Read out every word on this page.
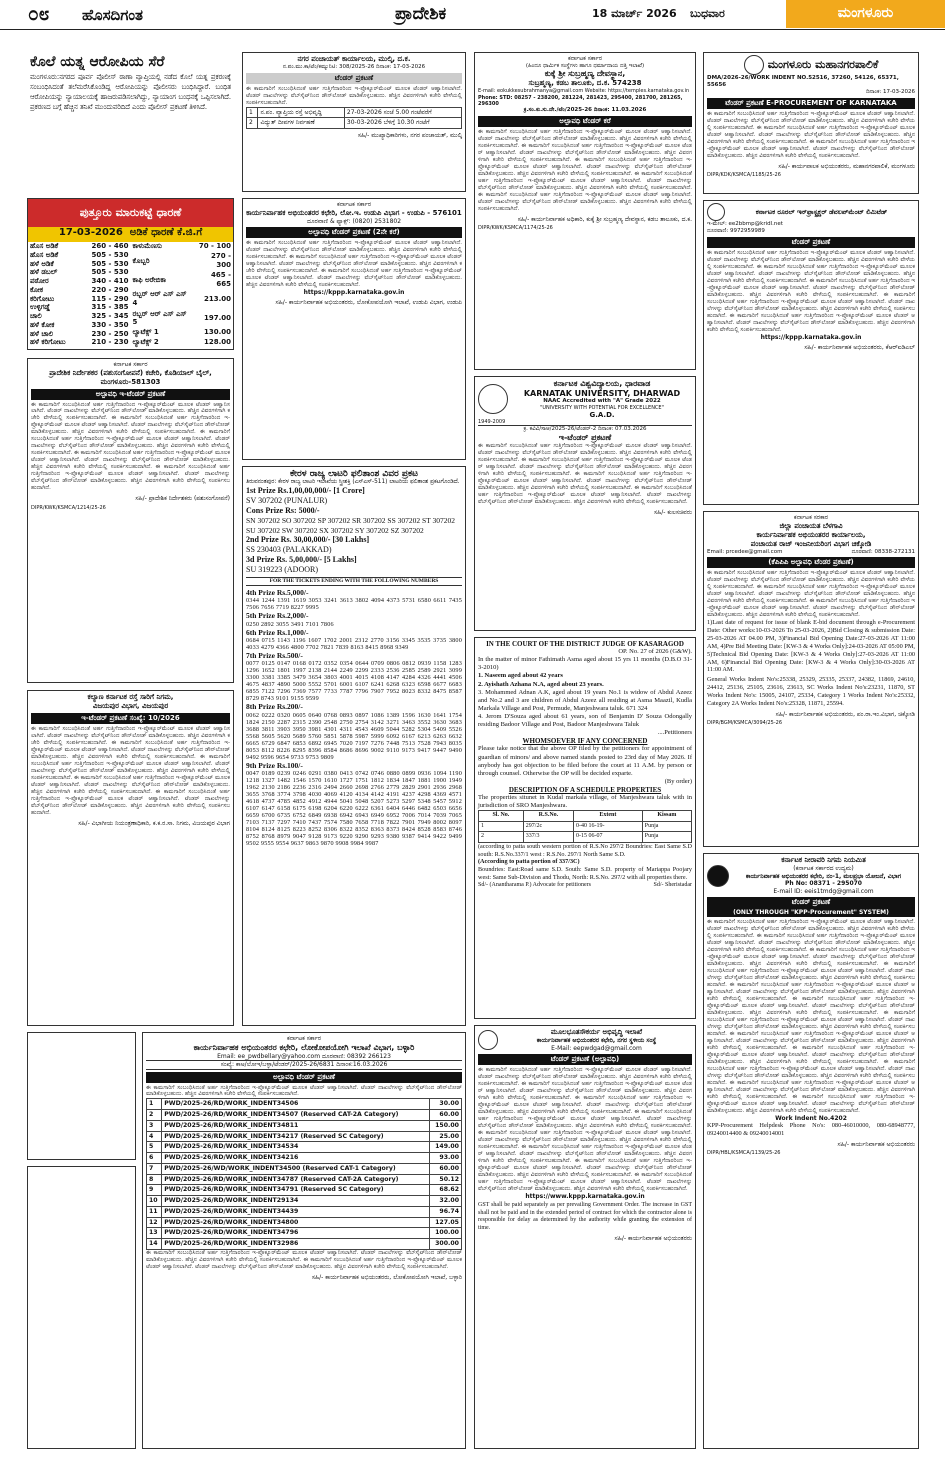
೦೮ ಹೊಸದಿಗಂತ	ಪ್ರಾದೇಶಿಕ	18 ಮಾರ್ಚ್ 2026 ಬುಧವಾರ	ಮಂಗಳೂರು
ಕೊಲೆ ಯತ್ನ ಆರೋಪಿಯ ಸೆರೆ
ಮಂಗಳೂರು:ನಗರದ ಪೂರ್ವ ಪೊಲೀಸ್ ಠಾಣಾ ವ್ಯಾಪ್ತಿಯಲ್ಲಿ ನಡೆದ ಕೊಲೆ ಯತ್ನ ಪ್ರಕರಣಕ್ಕೆ ಸಂಬಂಧಿಸಿದಂತೆ ತಲೆಮರೆಸಿಕೊಂಡಿದ್ದ ಆರೋಪಿಯನ್ನು ಪೊಲೀಸರು ಬಂಧಿಸಿದ್ದಾರೆ. ಬಂಧಿತ ಆರೋಪಿಯನ್ನು ನ್ಯಾಯಾಲಯಕ್ಕೆ ಹಾಜರುಪಡಿಸಲಾಗಿದ್ದು, ನ್ಯಾಯಾಂಗ ಬಂಧನಕ್ಕೆ ಒಪ್ಪಿಸಲಾಗಿದೆ. ಪ್ರಕರಣದ ಬಗ್ಗೆ ಹೆಚ್ಚಿನ ತನಿಖೆ ಮುಂದುವರಿದಿದೆ ಎಂದು ಪೊಲೀಸ್ ಪ್ರಕಟಣೆ ತಿಳಿಸಿದೆ.
ಪುತ್ತೂರು ಮಾರುಕಟ್ಟೆ ಧಾರಣೆ
17-03-2026 ಅಡಿಕೆ ಧಾರಣೆ ಕೆ.ಜಿ.ಗೆ
ಹೊಸ ಅಡಿಕೆ	260 - 460
ಹೊಸ ಅಡಿಕೆ	505 - 530
ಹಳೆ ಅಡಿಕೆ	505 - 530
ಹಳೆ ಡಬಲ್	505 - 530
ಪಠೋರ	340 - 410
ಕೋಕ	220 - 290
ಕರಿಗೋಟು	115 - 290
ಉಳ್ಳಿಗಡ್ಡೆ	315 - 385
ಚಾಲಿ	325 - 345
ಹಳೆ ಕೋಕ	330 - 350
ಹಳೆ ಚಾಲಿ	230 - 250
ಹಳೆ ಕರಿಗೋಟು	210 - 230
ಕಾಳುಮೆಣಸು	70 - 100
ಕೊಬ್ಬರಿ	270 - 300
ಕಾಫಿ ಅರೇಬಿಕಾ	465 - 665
ರಬ್ಬರ್ ಆರ್ ಎಸ್ ಎಸ್ 4	213.00
ರಬ್ಬರ್ ಆರ್ ಎಸ್ ಎಸ್ 5	197.00
ಲ್ಯಾಟೆಕ್ಸ್ 1	130.00
ಲ್ಯಾಟೆಕ್ಸ್ 2	128.00
ಕರ್ನಾಟಕ ಸರ್ಕಾರ
ಪ್ರಾದೇಶಿಕ ನಿರ್ದೇಶಕರ (ಪಶುಸಂಗೋಪನೆ) ಕಚೇರಿ, ಕೊಡಿಯಾಲ್ ಬೈಲ್, ಮಂಗಳೂರು-581303
ಅಲ್ಪಾವಧಿ ಇ-ಟೆಂಡರ್ ಪ್ರಕಟಣೆ
ಈ ಕಾಮಗಾರಿಗೆ ಸಂಬಂಧಿಸಿದಂತೆ ಅರ್ಹ ಗುತ್ತಿಗೆದಾರರಿಂದ ಇ-ಪ್ರೊಕ್ಯೂರ್‌ಮೆಂಟ್ ಮೂಲಕ ಟೆಂಡರ್ ಆಹ್ವಾನಿಸಲಾಗಿದೆ. ಟೆಂಡರ್ ದಾಖಲೆಗಳನ್ನು ವೆಬ್‌ಸೈಟ್‌ನಿಂದ ಡೌನ್‌ಲೋಡ್ ಮಾಡಿಕೊಳ್ಳಬಹುದು. ಹೆಚ್ಚಿನ ವಿವರಗಳಿಗಾಗಿ ಕಚೇರಿ ವೇಳೆಯಲ್ಲಿ ಸಂಪರ್ಕಿಸಬಹುದಾಗಿದೆ. ಈ ಕಾಮಗಾರಿಗೆ ಸಂಬಂಧಿಸಿದಂತೆ ಅರ್ಹ ಗುತ್ತಿಗೆದಾರರಿಂದ ಇ-ಪ್ರೊಕ್ಯೂರ್‌ಮೆಂಟ್ ಮೂಲಕ ಟೆಂಡರ್ ಆಹ್ವಾನಿಸಲಾಗಿದೆ. ಟೆಂಡರ್ ದಾಖಲೆಗಳನ್ನು ವೆಬ್‌ಸೈಟ್‌ನಿಂದ ಡೌನ್‌ಲೋಡ್ ಮಾಡಿಕೊಳ್ಳಬಹುದು. ಹೆಚ್ಚಿನ ವಿವರಗಳಿಗಾಗಿ ಕಚೇರಿ ವೇಳೆಯಲ್ಲಿ ಸಂಪರ್ಕಿಸಬಹುದಾಗಿದೆ. ಈ ಕಾಮಗಾರಿಗೆ ಸಂಬಂಧಿಸಿದಂತೆ ಅರ್ಹ ಗುತ್ತಿಗೆದಾರರಿಂದ ಇ-ಪ್ರೊಕ್ಯೂರ್‌ಮೆಂಟ್ ಮೂಲಕ ಟೆಂಡರ್ ಆಹ್ವಾನಿಸಲಾಗಿದೆ. ಟೆಂಡರ್ ದಾಖಲೆಗಳನ್ನು ವೆಬ್‌ಸೈಟ್‌ನಿಂದ ಡೌನ್‌ಲೋಡ್ ಮಾಡಿಕೊಳ್ಳಬಹುದು. ಹೆಚ್ಚಿನ ವಿವರಗಳಿಗಾಗಿ ಕಚೇರಿ ವೇಳೆಯಲ್ಲಿ ಸಂಪರ್ಕಿಸಬಹುದಾಗಿದೆ. ಈ ಕಾಮಗಾರಿಗೆ ಸಂಬಂಧಿಸಿದಂತೆ ಅರ್ಹ ಗುತ್ತಿಗೆದಾರರಿಂದ ಇ-ಪ್ರೊಕ್ಯೂರ್‌ಮೆಂಟ್ ಮೂಲಕ ಟೆಂಡರ್ ಆಹ್ವಾನಿಸಲಾಗಿದೆ. ಟೆಂಡರ್ ದಾಖಲೆಗಳನ್ನು ವೆಬ್‌ಸೈಟ್‌ನಿಂದ ಡೌನ್‌ಲೋಡ್ ಮಾಡಿಕೊಳ್ಳಬಹುದು. ಹೆಚ್ಚಿನ ವಿವರಗಳಿಗಾಗಿ ಕಚೇರಿ ವೇಳೆಯಲ್ಲಿ ಸಂಪರ್ಕಿಸಬಹುದಾಗಿದೆ. ಈ ಕಾಮಗಾರಿಗೆ ಸಂಬಂಧಿಸಿದಂತೆ ಅರ್ಹ ಗುತ್ತಿಗೆದಾರರಿಂದ ಇ-ಪ್ರೊಕ್ಯೂರ್‌ಮೆಂಟ್ ಮೂಲಕ ಟೆಂಡರ್ ಆಹ್ವಾನಿಸಲಾಗಿದೆ. ಟೆಂಡರ್ ದಾಖಲೆಗಳನ್ನು ವೆಬ್‌ಸೈಟ್‌ನಿಂದ ಡೌನ್‌ಲೋಡ್ ಮಾಡಿಕೊಳ್ಳಬಹುದು. ಹೆಚ್ಚಿನ ವಿವರಗಳಿಗಾಗಿ ಕಚೇರಿ ವೇಳೆಯಲ್ಲಿ ಸಂಪರ್ಕಿಸಬಹುದಾಗಿದೆ.
ಸಹಿ/- ಪ್ರಾದೇಶಿಕ ನಿರ್ದೇಶಕರು (ಪಶುಸಂಗೋಪನೆ)
DIPR/KWK/KSMCA/1214/25-26
ಕಲ್ಯಾಣ ಕರ್ನಾಟಕ ರಸ್ತೆ ಸಾರಿಗೆ ನಿಗಮ,
ವಿಜಯಪುರ ವಿಭಾಗ, ವಿಜಯಪುರ
ಇ-ಟೆಂಡರ್ ಪ್ರಕಟಣೆ ಸಂಖ್ಯೆ: 10/2026
ಈ ಕಾಮಗಾರಿಗೆ ಸಂಬಂಧಿಸಿದಂತೆ ಅರ್ಹ ಗುತ್ತಿಗೆದಾರರಿಂದ ಇ-ಪ್ರೊಕ್ಯೂರ್‌ಮೆಂಟ್ ಮೂಲಕ ಟೆಂಡರ್ ಆಹ್ವಾನಿಸಲಾಗಿದೆ. ಟೆಂಡರ್ ದಾಖಲೆಗಳನ್ನು ವೆಬ್‌ಸೈಟ್‌ನಿಂದ ಡೌನ್‌ಲೋಡ್ ಮಾಡಿಕೊಳ್ಳಬಹುದು. ಹೆಚ್ಚಿನ ವಿವರಗಳಿಗಾಗಿ ಕಚೇರಿ ವೇಳೆಯಲ್ಲಿ ಸಂಪರ್ಕಿಸಬಹುದಾಗಿದೆ. ಈ ಕಾಮಗಾರಿಗೆ ಸಂಬಂಧಿಸಿದಂತೆ ಅರ್ಹ ಗುತ್ತಿಗೆದಾರರಿಂದ ಇ-ಪ್ರೊಕ್ಯೂರ್‌ಮೆಂಟ್ ಮೂಲಕ ಟೆಂಡರ್ ಆಹ್ವಾನಿಸಲಾಗಿದೆ. ಟೆಂಡರ್ ದಾಖಲೆಗಳನ್ನು ವೆಬ್‌ಸೈಟ್‌ನಿಂದ ಡೌನ್‌ಲೋಡ್ ಮಾಡಿಕೊಳ್ಳಬಹುದು. ಹೆಚ್ಚಿನ ವಿವರಗಳಿಗಾಗಿ ಕಚೇರಿ ವೇಳೆಯಲ್ಲಿ ಸಂಪರ್ಕಿಸಬಹುದಾಗಿದೆ. ಈ ಕಾಮಗಾರಿಗೆ ಸಂಬಂಧಿಸಿದಂತೆ ಅರ್ಹ ಗುತ್ತಿಗೆದಾರರಿಂದ ಇ-ಪ್ರೊಕ್ಯೂರ್‌ಮೆಂಟ್ ಮೂಲಕ ಟೆಂಡರ್ ಆಹ್ವಾನಿಸಲಾಗಿದೆ. ಟೆಂಡರ್ ದಾಖಲೆಗಳನ್ನು ವೆಬ್‌ಸೈಟ್‌ನಿಂದ ಡೌನ್‌ಲೋಡ್ ಮಾಡಿಕೊಳ್ಳಬಹುದು. ಹೆಚ್ಚಿನ ವಿವರಗಳಿಗಾಗಿ ಕಚೇರಿ ವೇಳೆಯಲ್ಲಿ ಸಂಪರ್ಕಿಸಬಹುದಾಗಿದೆ. ಈ ಕಾಮಗಾರಿಗೆ ಸಂಬಂಧಿಸಿದಂತೆ ಅರ್ಹ ಗುತ್ತಿಗೆದಾರರಿಂದ ಇ-ಪ್ರೊಕ್ಯೂರ್‌ಮೆಂಟ್ ಮೂಲಕ ಟೆಂಡರ್ ಆಹ್ವಾನಿಸಲಾಗಿದೆ. ಟೆಂಡರ್ ದಾಖಲೆಗಳನ್ನು ವೆಬ್‌ಸೈಟ್‌ನಿಂದ ಡೌನ್‌ಲೋಡ್ ಮಾಡಿಕೊಳ್ಳಬಹುದು. ಹೆಚ್ಚಿನ ವಿವರಗಳಿಗಾಗಿ ಕಚೇರಿ ವೇಳೆಯಲ್ಲಿ ಸಂಪರ್ಕಿಸಬಹುದಾಗಿದೆ. ಈ ಕಾಮಗಾರಿಗೆ ಸಂಬಂಧಿಸಿದಂತೆ ಅರ್ಹ ಗುತ್ತಿಗೆದಾರರಿಂದ ಇ-ಪ್ರೊಕ್ಯೂರ್‌ಮೆಂಟ್ ಮೂಲಕ ಟೆಂಡರ್ ಆಹ್ವಾನಿಸಲಾಗಿದೆ. ಟೆಂಡರ್ ದಾಖಲೆಗಳನ್ನು ವೆಬ್‌ಸೈಟ್‌ನಿಂದ ಡೌನ್‌ಲೋಡ್ ಮಾಡಿಕೊಳ್ಳಬಹುದು. ಹೆಚ್ಚಿನ ವಿವರಗಳಿಗಾಗಿ ಕಚೇರಿ ವೇಳೆಯಲ್ಲಿ ಸಂಪರ್ಕಿಸಬಹುದಾಗಿದೆ.
ಸಹಿ/- ವಿಭಾಗೀಯ ನಿಯಂತ್ರಣಾಧಿಕಾರಿ, ಕ.ಕ.ರ.ಸಾ. ನಿಗಮ, ವಿಜಯಪುರ ವಿಭಾಗ
ನಗರ ಪಂಚಾಯತ್ ಕಾರ್ಯಾಲಯ, ಮುಲ್ಕಿ, ದ.ಕ.
ನ.ಪಂ.ಮು.ಕಾ/ಟೆಂ/ಕಮ್ಯುನಿಟಿ: 308/2025-26 ದಿನಾಂಕ: 17-03-2026
ಟೆಂಡರ್ ಪ್ರಕಟಣೆ
ಈ ಕಾಮಗಾರಿಗೆ ಸಂಬಂಧಿಸಿದಂತೆ ಅರ್ಹ ಗುತ್ತಿಗೆದಾರರಿಂದ ಇ-ಪ್ರೊಕ್ಯೂರ್‌ಮೆಂಟ್ ಮೂಲಕ ಟೆಂಡರ್ ಆಹ್ವಾನಿಸಲಾಗಿದೆ. ಟೆಂಡರ್ ದಾಖಲೆಗಳನ್ನು ವೆಬ್‌ಸೈಟ್‌ನಿಂದ ಡೌನ್‌ಲೋಡ್ ಮಾಡಿಕೊಳ್ಳಬಹುದು. ಹೆಚ್ಚಿನ ವಿವರಗಳಿಗಾಗಿ ಕಚೇರಿ ವೇಳೆಯಲ್ಲಿ ಸಂಪರ್ಕಿಸಬಹುದಾಗಿದೆ.
1	ನ.ಪಂ. ವ್ಯಾಪ್ತಿಯ ರಸ್ತೆ ಅಭಿವೃದ್ಧಿ	27-03-2026 ಸಂಜೆ 5.00 ಗಂಟೆವರೆಗೆ
2	ವಿದ್ಯುತ್ ದೀಪಗಳ ನಿರ್ವಹಣೆ	30-03-2026 ಬೆಳಿಗ್ಗೆ 10.30 ಗಂಟೆಗೆ
ಸಹಿ/- ಮುಖ್ಯಾಧಿಕಾರಿಗಳು, ನಗರ ಪಂಚಾಯತ್, ಮುಲ್ಕಿ
ಕರ್ನಾಟಕ ಸರ್ಕಾರ
ಕಾರ್ಯನಿರ್ವಾಹಕ ಅಭಿಯಂತರರ ಕಛೇರಿ, ಲೋ.ಇ. ಉಡುಪಿ ವಿಭಾಗ - ಉಡುಪಿ - 576101
ದೂರವಾಣಿ & ಫ್ಯಾಕ್ಸ್: (0820) 2531802
ಅಲ್ಪಾವಧಿ ಟೆಂಡರ್ ಪ್ರಕಟಣೆ (2ನೇ ಕರೆ)
ಈ ಕಾಮಗಾರಿಗೆ ಸಂಬಂಧಿಸಿದಂತೆ ಅರ್ಹ ಗುತ್ತಿಗೆದಾರರಿಂದ ಇ-ಪ್ರೊಕ್ಯೂರ್‌ಮೆಂಟ್ ಮೂಲಕ ಟೆಂಡರ್ ಆಹ್ವಾನಿಸಲಾಗಿದೆ. ಟೆಂಡರ್ ದಾಖಲೆಗಳನ್ನು ವೆಬ್‌ಸೈಟ್‌ನಿಂದ ಡೌನ್‌ಲೋಡ್ ಮಾಡಿಕೊಳ್ಳಬಹುದು. ಹೆಚ್ಚಿನ ವಿವರಗಳಿಗಾಗಿ ಕಚೇರಿ ವೇಳೆಯಲ್ಲಿ ಸಂಪರ್ಕಿಸಬಹುದಾಗಿದೆ. ಈ ಕಾಮಗಾರಿಗೆ ಸಂಬಂಧಿಸಿದಂತೆ ಅರ್ಹ ಗುತ್ತಿಗೆದಾರರಿಂದ ಇ-ಪ್ರೊಕ್ಯೂರ್‌ಮೆಂಟ್ ಮೂಲಕ ಟೆಂಡರ್ ಆಹ್ವಾನಿಸಲಾಗಿದೆ. ಟೆಂಡರ್ ದಾಖಲೆಗಳನ್ನು ವೆಬ್‌ಸೈಟ್‌ನಿಂದ ಡೌನ್‌ಲೋಡ್ ಮಾಡಿಕೊಳ್ಳಬಹುದು. ಹೆಚ್ಚಿನ ವಿವರಗಳಿಗಾಗಿ ಕಚೇರಿ ವೇಳೆಯಲ್ಲಿ ಸಂಪರ್ಕಿಸಬಹುದಾಗಿದೆ. ಈ ಕಾಮಗಾರಿಗೆ ಸಂಬಂಧಿಸಿದಂತೆ ಅರ್ಹ ಗುತ್ತಿಗೆದಾರರಿಂದ ಇ-ಪ್ರೊಕ್ಯೂರ್‌ಮೆಂಟ್ ಮೂಲಕ ಟೆಂಡರ್ ಆಹ್ವಾನಿಸಲಾಗಿದೆ. ಟೆಂಡರ್ ದಾಖಲೆಗಳನ್ನು ವೆಬ್‌ಸೈಟ್‌ನಿಂದ ಡೌನ್‌ಲೋಡ್ ಮಾಡಿಕೊಳ್ಳಬಹುದು. ಹೆಚ್ಚಿನ ವಿವರಗಳಿಗಾಗಿ ಕಚೇರಿ ವೇಳೆಯಲ್ಲಿ ಸಂಪರ್ಕಿಸಬಹುದಾಗಿದೆ.
https://kppp.karnataka.gov.in
ಸಹಿ/- ಕಾರ್ಯನಿರ್ವಾಹಕ ಅಭಿಯಂತರರು, ಲೋಕೋಪಯೋಗಿ ಇಲಾಖೆ, ಉಡುಪಿ ವಿಭಾಗ, ಉಡುಪಿ
ಕೇರಳ ರಾಜ್ಯ ಲಾಟರಿ ಫಲಿತಾಂಶ ವಿವರ ಪ್ರಕಟ
ತಿರುವನಂತಪುರ: ಕೇರಳ ರಾಜ್ಯ ಲಾಟರಿ ಇಲಾಖೆಯ ಸ್ತ್ರೀಶಕ್ತಿ (ಎಸ್‌ಎಸ್-511) ಲಾಟರಿಯ ಫಲಿತಾಂಶ ಪ್ರಕಟಗೊಂಡಿದೆ.
1st Prize Rs.1,00,00,000/- [1 Crore]
SV 307202 (PUNALUR)
Cons Prize Rs: 5000/-
SN 307202 SO 307202 SP 307202 SR 307202 SS 307202 ST 307202 SU 307202 SW 307202 SX 307202 SY 307202 SZ 307202
2nd Prize Rs. 30,00,000/- [30 Lakhs]
SS 230403 (PALAKKAD)
3d Prize Rs. 5,00,000/- [5 Lakhs]
SU 319223 (ADOOR)
FOR THE TICKETS ENDING WITH THE FOLLOWING NUMBERS
4th Prize Rs.5,000/-
0344 1244 1391 1619 3053 3241 3613 3802 4094 4373 5731 6580 6611 7435 7506 7656 7719 8227 9995
5th Prize Rs.2,000/-
0250 2892 3055 3491 7101 7806
6th Prize Rs.1,000/-
0684 0715 1143 1196 1607 1702 2001 2312 2770 3156 3345 3535 3735 3800 4033 4279 4366 4800 7702 7821 7839 8163 8415 8968 9349
7th Prize Rs.500/-
0077 0125 0147 0168 0172 0352 0354 0644 0709 0806 0812 0939 1158 1283 1296 1652 1801 1997 2138 2144 2249 2299 2333 2536 2585 2589 2921 3099 3300 3381 3385 3479 3654 3803 4001 4015 4108 4147 4284 4326 4441 4506 4675 4837 4890 5000 5552 5701 6001 6107 6241 6268 6323 6598 6677 6683 6855 7122 7296 7369 7577 7733 7787 7796 7907 7952 8023 8332 8475 8587 8729 8743 9101 9155 9599
8th Prize Rs.200/-
0062 0222 0320 0605 0640 0768 0893 0897 1086 1389 1596 1630 1641 1754 1824 2150 2287 2315 2390 2548 2750 2754 3142 3271 3463 3552 3630 3683 3688 3811 3903 3950 3981 4301 4311 4543 4609 5044 5282 5304 5409 5526 5568 5605 5620 5689 5760 5851 5878 5987 5999 6092 6167 6213 6263 6632 6665 6729 6847 6853 6892 6945 7020 7197 7276 7448 7513 7528 7943 8035 8053 8112 8226 8295 8396 8584 8686 8696 9002 9110 9173 9417 9447 9490 9492 9596 9654 9733 9753 9809
9th Prize Rs.100/-
0047 0189 0239 0246 0291 0380 0413 0742 0746 0880 0899 0936 1094 1190 1218 1327 1482 1546 1570 1610 1727 1751 1812 1834 1847 1881 1900 1949 1962 2130 2186 2236 2316 2494 2660 2698 2766 2779 2829 2901 2936 2968 3655 3768 3774 3798 4030 4069 4120 4134 4142 4191 4237 4298 4369 4571 4618 4737 4785 4852 4912 4944 5041 5048 5207 5273 5297 5348 5457 5912 6107 6147 6158 6175 6198 6204 6220 6222 6361 6404 6446 6482 6503 6656 6659 6700 6735 6752 6849 6938 6942 6943 6949 6952 7006 7014 7039 7065 7103 7137 7297 7410 7437 7574 7580 7658 7718 7822 7901 7949 8002 8097 8104 8124 8125 8223 8252 8306 8322 8352 8363 8373 8424 8528 8583 8746 8752 8768 8979 9047 9128 9173 9220 9290 9293 9380 9387 9414 9422 9499 9502 9555 9554 9637 9863 9870 9908 9984 9987
ಕರ್ನಾಟಕ ಸರ್ಕಾರ
ಕಾರ್ಯನಿರ್ವಾಹಕ ಅಭಿಯಂತರರ ಕಛೇರಿ, ಲೋಕೋಪಯೋಗಿ ಇಲಾಖೆ ವಿಭಾಗ, ಬಳ್ಳಾರಿ
Email: ee_pwdbellary@yahoo.com ದೂರವಾಣಿ: 08392 266123
ಸಂಖ್ಯೆ: ಕಾಅ/ಲೋಇ/ಬಳ್ಳಾ/ಟೆಂಡರ್/2025-26/6831 ದಿನಾಂಕ:16.03.2026
ಅಲ್ಪಾವಧಿ ಟೆಂಡರ್ ಪ್ರಕಟಣೆ
ಈ ಕಾಮಗಾರಿಗೆ ಸಂಬಂಧಿಸಿದಂತೆ ಅರ್ಹ ಗುತ್ತಿಗೆದಾರರಿಂದ ಇ-ಪ್ರೊಕ್ಯೂರ್‌ಮೆಂಟ್ ಮೂಲಕ ಟೆಂಡರ್ ಆಹ್ವಾನಿಸಲಾಗಿದೆ. ಟೆಂಡರ್ ದಾಖಲೆಗಳನ್ನು ವೆಬ್‌ಸೈಟ್‌ನಿಂದ ಡೌನ್‌ಲೋಡ್ ಮಾಡಿಕೊಳ್ಳಬಹುದು. ಹೆಚ್ಚಿನ ವಿವರಗಳಿಗಾಗಿ ಕಚೇರಿ ವೇಳೆಯಲ್ಲಿ ಸಂಪರ್ಕಿಸಬಹುದಾಗಿದೆ.
1	PWD/2025-26/RD/WORK_INDENT34506	30.00
2	PWD/2025-26/RD/WORK_INDENT34507 (Reserved CAT-2A Category)	60.00
3	PWD/2025-26/RD/WORK_INDENT34811	150.00
4	PWD/2025-26/RD/WORK_INDENT34217 (Reserved SC Category)	25.00
5	PWD/2025-26/RD/WORK_INDENT34534	149.00
6	PWD/2025-26/RD/WORK_INDENT34216	93.00
7	PWD/2025-26/WD/WORK_INDENT34500 (Reserved CAT-1 Category)	60.00
8	PWD/2025-26/RD/WORK_INDENT34787 (Reserved CAT-2A Category)	50.12
9	PWD/2025-26/RD/WORK_INDENT34791 (Reserved SC Category)	68.62
10	PWD/2025-26/RD/WORK_INDENT29134	32.00
11	PWD/2025-26/RD/WORK_INDENT34439	96.74
12	PWD/2025-26/RD/WORK_INDENT34800	127.05
13	PWD/2025-26/RD/WORK_INDENT34796	100.00
14	PWD/2025-26/RD/WORK_INDENT32986	300.00
ಈ ಕಾಮಗಾರಿಗೆ ಸಂಬಂಧಿಸಿದಂತೆ ಅರ್ಹ ಗುತ್ತಿಗೆದಾರರಿಂದ ಇ-ಪ್ರೊಕ್ಯೂರ್‌ಮೆಂಟ್ ಮೂಲಕ ಟೆಂಡರ್ ಆಹ್ವಾನಿಸಲಾಗಿದೆ. ಟೆಂಡರ್ ದಾಖಲೆಗಳನ್ನು ವೆಬ್‌ಸೈಟ್‌ನಿಂದ ಡೌನ್‌ಲೋಡ್ ಮಾಡಿಕೊಳ್ಳಬಹುದು. ಹೆಚ್ಚಿನ ವಿವರಗಳಿಗಾಗಿ ಕಚೇರಿ ವೇಳೆಯಲ್ಲಿ ಸಂಪರ್ಕಿಸಬಹುದಾಗಿದೆ. ಈ ಕಾಮಗಾರಿಗೆ ಸಂಬಂಧಿಸಿದಂತೆ ಅರ್ಹ ಗುತ್ತಿಗೆದಾರರಿಂದ ಇ-ಪ್ರೊಕ್ಯೂರ್‌ಮೆಂಟ್ ಮೂಲಕ ಟೆಂಡರ್ ಆಹ್ವಾನಿಸಲಾಗಿದೆ. ಟೆಂಡರ್ ದಾಖಲೆಗಳನ್ನು ವೆಬ್‌ಸೈಟ್‌ನಿಂದ ಡೌನ್‌ಲೋಡ್ ಮಾಡಿಕೊಳ್ಳಬಹುದು. ಹೆಚ್ಚಿನ ವಿವರಗಳಿಗಾಗಿ ಕಚೇರಿ ವೇಳೆಯಲ್ಲಿ ಸಂಪರ್ಕಿಸಬಹುದಾಗಿದೆ.
ಸಹಿ/- ಕಾರ್ಯನಿರ್ವಾಹಕ ಅಭಿಯಂತರರು, ಲೋಕೋಪಯೋಗಿ ಇಲಾಖೆ, ಬಳ್ಳಾರಿ
ಕರ್ನಾಟಕ ಸರ್ಕಾರ
(ಹಿಂದೂ ಧಾರ್ಮಿಕ ಸಂಸ್ಥೆಗಳು ಹಾಗೂ ಧರ್ಮಾದಾಯ ದತ್ತಿ ಇಲಾಖೆ)
ಕುಕ್ಕೆ ಶ್ರೀ ಸುಬ್ರಹ್ಮಣ್ಯ ದೇವಸ್ಥಾನ,
ಸುಬ್ರಹ್ಮಣ್ಯ, ಕಡಬ ತಾಲೂಕು, ದ.ಕ. 574238
E-mail: eokukkesubrahmanya@gmail.com Website: https://temples.karnataka.gov.in
Phone: STD: 08257 - 238200, 281224, 281423, 295400, 281700, 281265, 296300
ಕ್ರ.ಸಂ.ಕು.ಸು.ದೇ./ಟೆಂ/2025-26 ದಿನಾಂಕ: 11.03.2026
ಅಲ್ಪಾವಧಿ ಟೆಂಡರ್ ಕರೆ
ಈ ಕಾಮಗಾರಿಗೆ ಸಂಬಂಧಿಸಿದಂತೆ ಅರ್ಹ ಗುತ್ತಿಗೆದಾರರಿಂದ ಇ-ಪ್ರೊಕ್ಯೂರ್‌ಮೆಂಟ್ ಮೂಲಕ ಟೆಂಡರ್ ಆಹ್ವಾನಿಸಲಾಗಿದೆ. ಟೆಂಡರ್ ದಾಖಲೆಗಳನ್ನು ವೆಬ್‌ಸೈಟ್‌ನಿಂದ ಡೌನ್‌ಲೋಡ್ ಮಾಡಿಕೊಳ್ಳಬಹುದು. ಹೆಚ್ಚಿನ ವಿವರಗಳಿಗಾಗಿ ಕಚೇರಿ ವೇಳೆಯಲ್ಲಿ ಸಂಪರ್ಕಿಸಬಹುದಾಗಿದೆ. ಈ ಕಾಮಗಾರಿಗೆ ಸಂಬಂಧಿಸಿದಂತೆ ಅರ್ಹ ಗುತ್ತಿಗೆದಾರರಿಂದ ಇ-ಪ್ರೊಕ್ಯೂರ್‌ಮೆಂಟ್ ಮೂಲಕ ಟೆಂಡರ್ ಆಹ್ವಾನಿಸಲಾಗಿದೆ. ಟೆಂಡರ್ ದಾಖಲೆಗಳನ್ನು ವೆಬ್‌ಸೈಟ್‌ನಿಂದ ಡೌನ್‌ಲೋಡ್ ಮಾಡಿಕೊಳ್ಳಬಹುದು. ಹೆಚ್ಚಿನ ವಿವರಗಳಿಗಾಗಿ ಕಚೇರಿ ವೇಳೆಯಲ್ಲಿ ಸಂಪರ್ಕಿಸಬಹುದಾಗಿದೆ. ಈ ಕಾಮಗಾರಿಗೆ ಸಂಬಂಧಿಸಿದಂತೆ ಅರ್ಹ ಗುತ್ತಿಗೆದಾರರಿಂದ ಇ-ಪ್ರೊಕ್ಯೂರ್‌ಮೆಂಟ್ ಮೂಲಕ ಟೆಂಡರ್ ಆಹ್ವಾನಿಸಲಾಗಿದೆ. ಟೆಂಡರ್ ದಾಖಲೆಗಳನ್ನು ವೆಬ್‌ಸೈಟ್‌ನಿಂದ ಡೌನ್‌ಲೋಡ್ ಮಾಡಿಕೊಳ್ಳಬಹುದು. ಹೆಚ್ಚಿನ ವಿವರಗಳಿಗಾಗಿ ಕಚೇರಿ ವೇಳೆಯಲ್ಲಿ ಸಂಪರ್ಕಿಸಬಹುದಾಗಿದೆ. ಈ ಕಾಮಗಾರಿಗೆ ಸಂಬಂಧಿಸಿದಂತೆ ಅರ್ಹ ಗುತ್ತಿಗೆದಾರರಿಂದ ಇ-ಪ್ರೊಕ್ಯೂರ್‌ಮೆಂಟ್ ಮೂಲಕ ಟೆಂಡರ್ ಆಹ್ವಾನಿಸಲಾಗಿದೆ. ಟೆಂಡರ್ ದಾಖಲೆಗಳನ್ನು ವೆಬ್‌ಸೈಟ್‌ನಿಂದ ಡೌನ್‌ಲೋಡ್ ಮಾಡಿಕೊಳ್ಳಬಹುದು. ಹೆಚ್ಚಿನ ವಿವರಗಳಿಗಾಗಿ ಕಚೇರಿ ವೇಳೆಯಲ್ಲಿ ಸಂಪರ್ಕಿಸಬಹುದಾಗಿದೆ. ಈ ಕಾಮಗಾರಿಗೆ ಸಂಬಂಧಿಸಿದಂತೆ ಅರ್ಹ ಗುತ್ತಿಗೆದಾರರಿಂದ ಇ-ಪ್ರೊಕ್ಯೂರ್‌ಮೆಂಟ್ ಮೂಲಕ ಟೆಂಡರ್ ಆಹ್ವಾನಿಸಲಾಗಿದೆ. ಟೆಂಡರ್ ದಾಖಲೆಗಳನ್ನು ವೆಬ್‌ಸೈಟ್‌ನಿಂದ ಡೌನ್‌ಲೋಡ್ ಮಾಡಿಕೊಳ್ಳಬಹುದು. ಹೆಚ್ಚಿನ ವಿವರಗಳಿಗಾಗಿ ಕಚೇರಿ ವೇಳೆಯಲ್ಲಿ ಸಂಪರ್ಕಿಸಬಹುದಾಗಿದೆ.
ಸಹಿ/- ಕಾರ್ಯನಿರ್ವಾಹಕ ಅಧಿಕಾರಿ, ಕುಕ್ಕೆ ಶ್ರೀ ಸುಬ್ರಹ್ಮಣ್ಯ ದೇವಸ್ಥಾನ, ಕಡಬ ತಾಲೂಕು, ದ.ಕ.
DIPR/KWK/KSMCA/1174/25-26
ಕರ್ನಾಟಕ ವಿಶ್ವವಿದ್ಯಾಲಯ, ಧಾರವಾಡ
KARNATAK UNIVERSITY, DHARWAD
NAAC Accredited with "A" Grade 2022
"UNIVERSITY WITH POTENTIAL FOR EXCELLENCE"
G.A.D.
1949-2009
ಕ್ರ. ಕವಿವಿ/ಸಾಆ/2025-26/ಟೆಂಡರ್-2 ದಿನಾಂಕ: 07.03.2026
ಇ-ಟೆಂಡರ್ ಪ್ರಕಟಣೆ
ಈ ಕಾಮಗಾರಿಗೆ ಸಂಬಂಧಿಸಿದಂತೆ ಅರ್ಹ ಗುತ್ತಿಗೆದಾರರಿಂದ ಇ-ಪ್ರೊಕ್ಯೂರ್‌ಮೆಂಟ್ ಮೂಲಕ ಟೆಂಡರ್ ಆಹ್ವಾನಿಸಲಾಗಿದೆ. ಟೆಂಡರ್ ದಾಖಲೆಗಳನ್ನು ವೆಬ್‌ಸೈಟ್‌ನಿಂದ ಡೌನ್‌ಲೋಡ್ ಮಾಡಿಕೊಳ್ಳಬಹುದು. ಹೆಚ್ಚಿನ ವಿವರಗಳಿಗಾಗಿ ಕಚೇರಿ ವೇಳೆಯಲ್ಲಿ ಸಂಪರ್ಕಿಸಬಹುದಾಗಿದೆ. ಈ ಕಾಮಗಾರಿಗೆ ಸಂಬಂಧಿಸಿದಂತೆ ಅರ್ಹ ಗುತ್ತಿಗೆದಾರರಿಂದ ಇ-ಪ್ರೊಕ್ಯೂರ್‌ಮೆಂಟ್ ಮೂಲಕ ಟೆಂಡರ್ ಆಹ್ವಾನಿಸಲಾಗಿದೆ. ಟೆಂಡರ್ ದಾಖಲೆಗಳನ್ನು ವೆಬ್‌ಸೈಟ್‌ನಿಂದ ಡೌನ್‌ಲೋಡ್ ಮಾಡಿಕೊಳ್ಳಬಹುದು. ಹೆಚ್ಚಿನ ವಿವರಗಳಿಗಾಗಿ ಕಚೇರಿ ವೇಳೆಯಲ್ಲಿ ಸಂಪರ್ಕಿಸಬಹುದಾಗಿದೆ. ಈ ಕಾಮಗಾರಿಗೆ ಸಂಬಂಧಿಸಿದಂತೆ ಅರ್ಹ ಗುತ್ತಿಗೆದಾರರಿಂದ ಇ-ಪ್ರೊಕ್ಯೂರ್‌ಮೆಂಟ್ ಮೂಲಕ ಟೆಂಡರ್ ಆಹ್ವಾನಿಸಲಾಗಿದೆ. ಟೆಂಡರ್ ದಾಖಲೆಗಳನ್ನು ವೆಬ್‌ಸೈಟ್‌ನಿಂದ ಡೌನ್‌ಲೋಡ್ ಮಾಡಿಕೊಳ್ಳಬಹುದು. ಹೆಚ್ಚಿನ ವಿವರಗಳಿಗಾಗಿ ಕಚೇರಿ ವೇಳೆಯಲ್ಲಿ ಸಂಪರ್ಕಿಸಬಹುದಾಗಿದೆ. ಈ ಕಾಮಗಾರಿಗೆ ಸಂಬಂಧಿಸಿದಂತೆ ಅರ್ಹ ಗುತ್ತಿಗೆದಾರರಿಂದ ಇ-ಪ್ರೊಕ್ಯೂರ್‌ಮೆಂಟ್ ಮೂಲಕ ಟೆಂಡರ್ ಆಹ್ವಾನಿಸಲಾಗಿದೆ. ಟೆಂಡರ್ ದಾಖಲೆಗಳನ್ನು ವೆಬ್‌ಸೈಟ್‌ನಿಂದ ಡೌನ್‌ಲೋಡ್ ಮಾಡಿಕೊಳ್ಳಬಹುದು. ಹೆಚ್ಚಿನ ವಿವರಗಳಿಗಾಗಿ ಕಚೇರಿ ವೇಳೆಯಲ್ಲಿ ಸಂಪರ್ಕಿಸಬಹುದಾಗಿದೆ.
ಸಹಿ/- ಕುಲಸಚಿವರು
IN THE COURT OF THE DISTRICT JUDGE OF KASARAGOD
OP. No. 27 of 2026 (G&W).
In the matter of minor Fathimath Asma aged about 15 yrs 11 months (D.B.O 31-3-2010)
1. Naseem aged about 42 years
2. Ayishath Azhana N.A, aged about 23 years.
3. Mohammed Adnan A.K, aged about 19 years No.1 is widow of Abdul Azeez and No.2 and 3 are children of Abdul Azeez all residing at Asma Maazil, Kudla Markala Village and Post, Permude, Manjeshwara taluk. 671 324
4. Jerom D'Souza aged about 61 years, son of Benjamin D' Souza Odongally residing Badoor Village and Post, Badoor Manjeshwara Taluk
....Petitioners
WHOMSOEVER IF ANY CONCERNED
Please take notice that the above OP filed by the petitioners for appointment of guardian of minors/ and above named stands posted to 23rd day of May 2026. If anybody has got objection to be filed before the court at 11 A.M. by person or through counsel. Otherwise the OP will be decided exparte.
(By order)
DESCRIPTION OF A SCHEDULE PROPERTIES
The properties situnet in Kudal markala village, of Manjeshwara taluk with in jurisdiction of SRO Manjeshwara.
Sl. No.	R.S.No.	Extent	Kissam
1	297/2c	0-40 16-19-	Punja
2	337/3	0-15 06-07	Punja
(according to patta south western portion of R.S.No 297/2 Boundries: East Same S.D south: R.S.No.337/1 west : R.S.No. 297/1 North Same S.D.
(According to patta portion of 337/3C)
Boundries: East:Road same S.D. South: Same S.D. property of Mariappa Poojary west: Same Sub-Division and Thodu, North: R.S.No. 297/2 with all properties there.
Sd/- (Anantharama P.) Advocate for petitioners	Sd/- Sheristadar
ಮೂಲಭೂತಸೌಕರ್ಯ ಅಭಿವೃದ್ಧಿ ಇಲಾಖೆ
ಕಾರ್ಯನಿರ್ವಾಹಕ ಅಭಿಯಂತರರ ಕಛೇರಿ, ನಗರ ಸ್ಥಳೀಯ ಸಂಸ್ಥೆ
E-Mail: eepwdgad@gmail.com
ಟೆಂಡರ್ ಪ್ರಕಟಣೆ (ಅಲ್ಪಾವಧಿ)
ಈ ಕಾಮಗಾರಿಗೆ ಸಂಬಂಧಿಸಿದಂತೆ ಅರ್ಹ ಗುತ್ತಿಗೆದಾರರಿಂದ ಇ-ಪ್ರೊಕ್ಯೂರ್‌ಮೆಂಟ್ ಮೂಲಕ ಟೆಂಡರ್ ಆಹ್ವಾನಿಸಲಾಗಿದೆ. ಟೆಂಡರ್ ದಾಖಲೆಗಳನ್ನು ವೆಬ್‌ಸೈಟ್‌ನಿಂದ ಡೌನ್‌ಲೋಡ್ ಮಾಡಿಕೊಳ್ಳಬಹುದು. ಹೆಚ್ಚಿನ ವಿವರಗಳಿಗಾಗಿ ಕಚೇರಿ ವೇಳೆಯಲ್ಲಿ ಸಂಪರ್ಕಿಸಬಹುದಾಗಿದೆ. ಈ ಕಾಮಗಾರಿಗೆ ಸಂಬಂಧಿಸಿದಂತೆ ಅರ್ಹ ಗುತ್ತಿಗೆದಾರರಿಂದ ಇ-ಪ್ರೊಕ್ಯೂರ್‌ಮೆಂಟ್ ಮೂಲಕ ಟೆಂಡರ್ ಆಹ್ವಾನಿಸಲಾಗಿದೆ. ಟೆಂಡರ್ ದಾಖಲೆಗಳನ್ನು ವೆಬ್‌ಸೈಟ್‌ನಿಂದ ಡೌನ್‌ಲೋಡ್ ಮಾಡಿಕೊಳ್ಳಬಹುದು. ಹೆಚ್ಚಿನ ವಿವರಗಳಿಗಾಗಿ ಕಚೇರಿ ವೇಳೆಯಲ್ಲಿ ಸಂಪರ್ಕಿಸಬಹುದಾಗಿದೆ. ಈ ಕಾಮಗಾರಿಗೆ ಸಂಬಂಧಿಸಿದಂತೆ ಅರ್ಹ ಗುತ್ತಿಗೆದಾರರಿಂದ ಇ-ಪ್ರೊಕ್ಯೂರ್‌ಮೆಂಟ್ ಮೂಲಕ ಟೆಂಡರ್ ಆಹ್ವಾನಿಸಲಾಗಿದೆ. ಟೆಂಡರ್ ದಾಖಲೆಗಳನ್ನು ವೆಬ್‌ಸೈಟ್‌ನಿಂದ ಡೌನ್‌ಲೋಡ್ ಮಾಡಿಕೊಳ್ಳಬಹುದು. ಹೆಚ್ಚಿನ ವಿವರಗಳಿಗಾಗಿ ಕಚೇರಿ ವೇಳೆಯಲ್ಲಿ ಸಂಪರ್ಕಿಸಬಹುದಾಗಿದೆ. ಈ ಕಾಮಗಾರಿಗೆ ಸಂಬಂಧಿಸಿದಂತೆ ಅರ್ಹ ಗುತ್ತಿಗೆದಾರರಿಂದ ಇ-ಪ್ರೊಕ್ಯೂರ್‌ಮೆಂಟ್ ಮೂಲಕ ಟೆಂಡರ್ ಆಹ್ವಾನಿಸಲಾಗಿದೆ. ಟೆಂಡರ್ ದಾಖಲೆಗಳನ್ನು ವೆಬ್‌ಸೈಟ್‌ನಿಂದ ಡೌನ್‌ಲೋಡ್ ಮಾಡಿಕೊಳ್ಳಬಹುದು. ಹೆಚ್ಚಿನ ವಿವರಗಳಿಗಾಗಿ ಕಚೇರಿ ವೇಳೆಯಲ್ಲಿ ಸಂಪರ್ಕಿಸಬಹುದಾಗಿದೆ. ಈ ಕಾಮಗಾರಿಗೆ ಸಂಬಂಧಿಸಿದಂತೆ ಅರ್ಹ ಗುತ್ತಿಗೆದಾರರಿಂದ ಇ-ಪ್ರೊಕ್ಯೂರ್‌ಮೆಂಟ್ ಮೂಲಕ ಟೆಂಡರ್ ಆಹ್ವಾನಿಸಲಾಗಿದೆ. ಟೆಂಡರ್ ದಾಖಲೆಗಳನ್ನು ವೆಬ್‌ಸೈಟ್‌ನಿಂದ ಡೌನ್‌ಲೋಡ್ ಮಾಡಿಕೊಳ್ಳಬಹುದು. ಹೆಚ್ಚಿನ ವಿವರಗಳಿಗಾಗಿ ಕಚೇರಿ ವೇಳೆಯಲ್ಲಿ ಸಂಪರ್ಕಿಸಬಹುದಾಗಿದೆ. ಈ ಕಾಮಗಾರಿಗೆ ಸಂಬಂಧಿಸಿದಂತೆ ಅರ್ಹ ಗುತ್ತಿಗೆದಾರರಿಂದ ಇ-ಪ್ರೊಕ್ಯೂರ್‌ಮೆಂಟ್ ಮೂಲಕ ಟೆಂಡರ್ ಆಹ್ವಾನಿಸಲಾಗಿದೆ. ಟೆಂಡರ್ ದಾಖಲೆಗಳನ್ನು ವೆಬ್‌ಸೈಟ್‌ನಿಂದ ಡೌನ್‌ಲೋಡ್ ಮಾಡಿಕೊಳ್ಳಬಹುದು. ಹೆಚ್ಚಿನ ವಿವರಗಳಿಗಾಗಿ ಕಚೇರಿ ವೇಳೆಯಲ್ಲಿ ಸಂಪರ್ಕಿಸಬಹುದಾಗಿದೆ. ಈ ಕಾಮಗಾರಿಗೆ ಸಂಬಂಧಿಸಿದಂತೆ ಅರ್ಹ ಗುತ್ತಿಗೆದಾರರಿಂದ ಇ-ಪ್ರೊಕ್ಯೂರ್‌ಮೆಂಟ್ ಮೂಲಕ ಟೆಂಡರ್ ಆಹ್ವಾನಿಸಲಾಗಿದೆ. ಟೆಂಡರ್ ದಾಖಲೆಗಳನ್ನು ವೆಬ್‌ಸೈಟ್‌ನಿಂದ ಡೌನ್‌ಲೋಡ್ ಮಾಡಿಕೊಳ್ಳಬಹುದು. ಹೆಚ್ಚಿನ ವಿವರಗಳಿಗಾಗಿ ಕಚೇರಿ ವೇಳೆಯಲ್ಲಿ ಸಂಪರ್ಕಿಸಬಹುದಾಗಿದೆ. ಈ ಕಾಮಗಾರಿಗೆ ಸಂಬಂಧಿಸಿದಂತೆ ಅರ್ಹ ಗುತ್ತಿಗೆದಾರರಿಂದ ಇ-ಪ್ರೊಕ್ಯೂರ್‌ಮೆಂಟ್ ಮೂಲಕ ಟೆಂಡರ್ ಆಹ್ವಾನಿಸಲಾಗಿದೆ. ಟೆಂಡರ್ ದಾಖಲೆಗಳನ್ನು ವೆಬ್‌ಸೈಟ್‌ನಿಂದ ಡೌನ್‌ಲೋಡ್ ಮಾಡಿಕೊಳ್ಳಬಹುದು. ಹೆಚ್ಚಿನ ವಿವರಗಳಿಗಾಗಿ ಕಚೇರಿ ವೇಳೆಯಲ್ಲಿ ಸಂಪರ್ಕಿಸಬಹುದಾಗಿದೆ.
https://www.kppp.karnataka.gov.in
GST shall be paid separately as per prevailing Government Order. The increase in GST shall not be paid and in the extended period of contract for which the contractor alone is responsible for delay as determined by the authority while granting the extension of time.
ಸಹಿ/- ಕಾರ್ಯನಿರ್ವಾಹಕ ಅಭಿಯಂತರರು
ಮಂಗಳೂರು ಮಹಾನಗರಪಾಲಿಕೆ
DMA/2026-26/WORK INDENT NO.52516, 37260, 54126, 65371, 55656
ದಿನಾಂಕ: 17-03-2026
ಟೆಂಡರ್ ಪ್ರಕಟಣೆ E-PROCUREMENT OF KARNATAKA
ಈ ಕಾಮಗಾರಿಗೆ ಸಂಬಂಧಿಸಿದಂತೆ ಅರ್ಹ ಗುತ್ತಿಗೆದಾರರಿಂದ ಇ-ಪ್ರೊಕ್ಯೂರ್‌ಮೆಂಟ್ ಮೂಲಕ ಟೆಂಡರ್ ಆಹ್ವಾನಿಸಲಾಗಿದೆ. ಟೆಂಡರ್ ದಾಖಲೆಗಳನ್ನು ವೆಬ್‌ಸೈಟ್‌ನಿಂದ ಡೌನ್‌ಲೋಡ್ ಮಾಡಿಕೊಳ್ಳಬಹುದು. ಹೆಚ್ಚಿನ ವಿವರಗಳಿಗಾಗಿ ಕಚೇರಿ ವೇಳೆಯಲ್ಲಿ ಸಂಪರ್ಕಿಸಬಹುದಾಗಿದೆ. ಈ ಕಾಮಗಾರಿಗೆ ಸಂಬಂಧಿಸಿದಂತೆ ಅರ್ಹ ಗುತ್ತಿಗೆದಾರರಿಂದ ಇ-ಪ್ರೊಕ್ಯೂರ್‌ಮೆಂಟ್ ಮೂಲಕ ಟೆಂಡರ್ ಆಹ್ವಾನಿಸಲಾಗಿದೆ. ಟೆಂಡರ್ ದಾಖಲೆಗಳನ್ನು ವೆಬ್‌ಸೈಟ್‌ನಿಂದ ಡೌನ್‌ಲೋಡ್ ಮಾಡಿಕೊಳ್ಳಬಹುದು. ಹೆಚ್ಚಿನ ವಿವರಗಳಿಗಾಗಿ ಕಚೇರಿ ವೇಳೆಯಲ್ಲಿ ಸಂಪರ್ಕಿಸಬಹುದಾಗಿದೆ. ಈ ಕಾಮಗಾರಿಗೆ ಸಂಬಂಧಿಸಿದಂತೆ ಅರ್ಹ ಗುತ್ತಿಗೆದಾರರಿಂದ ಇ-ಪ್ರೊಕ್ಯೂರ್‌ಮೆಂಟ್ ಮೂಲಕ ಟೆಂಡರ್ ಆಹ್ವಾನಿಸಲಾಗಿದೆ. ಟೆಂಡರ್ ದಾಖಲೆಗಳನ್ನು ವೆಬ್‌ಸೈಟ್‌ನಿಂದ ಡೌನ್‌ಲೋಡ್ ಮಾಡಿಕೊಳ್ಳಬಹುದು. ಹೆಚ್ಚಿನ ವಿವರಗಳಿಗಾಗಿ ಕಚೇರಿ ವೇಳೆಯಲ್ಲಿ ಸಂಪರ್ಕಿಸಬಹುದಾಗಿದೆ.
ಸಹಿ/- ಕಾರ್ಯಪಾಲಕ ಅಭಿಯಂತರರು, ಮಹಾನಗರಪಾಲಿಕೆ, ಮಂಗಳೂರು
DIPR/KDK/KSMCA/1185/25-26
ಕರ್ನಾಟಕ ರೂರಲ್ ಇನ್‌ಫ್ರಾಸ್ಟ್ರಕ್ಚರ್ ಡೆವಲಪ್‌ಮೆಂಟ್ ಲಿಮಿಟೆಡ್
ಇ-ಮೇಲ್: ee2bbmp@kridl.net
ದೂರವಾಣಿ: 9972959989
ಟೆಂಡರ್ ಪ್ರಕಟಣೆ
ಈ ಕಾಮಗಾರಿಗೆ ಸಂಬಂಧಿಸಿದಂತೆ ಅರ್ಹ ಗುತ್ತಿಗೆದಾರರಿಂದ ಇ-ಪ್ರೊಕ್ಯೂರ್‌ಮೆಂಟ್ ಮೂಲಕ ಟೆಂಡರ್ ಆಹ್ವಾನಿಸಲಾಗಿದೆ. ಟೆಂಡರ್ ದಾಖಲೆಗಳನ್ನು ವೆಬ್‌ಸೈಟ್‌ನಿಂದ ಡೌನ್‌ಲೋಡ್ ಮಾಡಿಕೊಳ್ಳಬಹುದು. ಹೆಚ್ಚಿನ ವಿವರಗಳಿಗಾಗಿ ಕಚೇರಿ ವೇಳೆಯಲ್ಲಿ ಸಂಪರ್ಕಿಸಬಹುದಾಗಿದೆ. ಈ ಕಾಮಗಾರಿಗೆ ಸಂಬಂಧಿಸಿದಂತೆ ಅರ್ಹ ಗುತ್ತಿಗೆದಾರರಿಂದ ಇ-ಪ್ರೊಕ್ಯೂರ್‌ಮೆಂಟ್ ಮೂಲಕ ಟೆಂಡರ್ ಆಹ್ವಾನಿಸಲಾಗಿದೆ. ಟೆಂಡರ್ ದಾಖಲೆಗಳನ್ನು ವೆಬ್‌ಸೈಟ್‌ನಿಂದ ಡೌನ್‌ಲೋಡ್ ಮಾಡಿಕೊಳ್ಳಬಹುದು. ಹೆಚ್ಚಿನ ವಿವರಗಳಿಗಾಗಿ ಕಚೇರಿ ವೇಳೆಯಲ್ಲಿ ಸಂಪರ್ಕಿಸಬಹುದಾಗಿದೆ. ಈ ಕಾಮಗಾರಿಗೆ ಸಂಬಂಧಿಸಿದಂತೆ ಅರ್ಹ ಗುತ್ತಿಗೆದಾರರಿಂದ ಇ-ಪ್ರೊಕ್ಯೂರ್‌ಮೆಂಟ್ ಮೂಲಕ ಟೆಂಡರ್ ಆಹ್ವಾನಿಸಲಾಗಿದೆ. ಟೆಂಡರ್ ದಾಖಲೆಗಳನ್ನು ವೆಬ್‌ಸೈಟ್‌ನಿಂದ ಡೌನ್‌ಲೋಡ್ ಮಾಡಿಕೊಳ್ಳಬಹುದು. ಹೆಚ್ಚಿನ ವಿವರಗಳಿಗಾಗಿ ಕಚೇರಿ ವೇಳೆಯಲ್ಲಿ ಸಂಪರ್ಕಿಸಬಹುದಾಗಿದೆ. ಈ ಕಾಮಗಾರಿಗೆ ಸಂಬಂಧಿಸಿದಂತೆ ಅರ್ಹ ಗುತ್ತಿಗೆದಾರರಿಂದ ಇ-ಪ್ರೊಕ್ಯೂರ್‌ಮೆಂಟ್ ಮೂಲಕ ಟೆಂಡರ್ ಆಹ್ವಾನಿಸಲಾಗಿದೆ. ಟೆಂಡರ್ ದಾಖಲೆಗಳನ್ನು ವೆಬ್‌ಸೈಟ್‌ನಿಂದ ಡೌನ್‌ಲೋಡ್ ಮಾಡಿಕೊಳ್ಳಬಹುದು. ಹೆಚ್ಚಿನ ವಿವರಗಳಿಗಾಗಿ ಕಚೇರಿ ವೇಳೆಯಲ್ಲಿ ಸಂಪರ್ಕಿಸಬಹುದಾಗಿದೆ. ಈ ಕಾಮಗಾರಿಗೆ ಸಂಬಂಧಿಸಿದಂತೆ ಅರ್ಹ ಗುತ್ತಿಗೆದಾರರಿಂದ ಇ-ಪ್ರೊಕ್ಯೂರ್‌ಮೆಂಟ್ ಮೂಲಕ ಟೆಂಡರ್ ಆಹ್ವಾನಿಸಲಾಗಿದೆ. ಟೆಂಡರ್ ದಾಖಲೆಗಳನ್ನು ವೆಬ್‌ಸೈಟ್‌ನಿಂದ ಡೌನ್‌ಲೋಡ್ ಮಾಡಿಕೊಳ್ಳಬಹುದು. ಹೆಚ್ಚಿನ ವಿವರಗಳಿಗಾಗಿ ಕಚೇರಿ ವೇಳೆಯಲ್ಲಿ ಸಂಪರ್ಕಿಸಬಹುದಾಗಿದೆ.
https://kppp.karnataka.gov.in
ಸಹಿ/- ಕಾರ್ಯನಿರ್ವಾಹಕ ಅಭಿಯಂತರರು, ಕೆಆರ್‌ಐಡಿಎಲ್
ಕರ್ನಾಟಕ ಸರಕಾರ
ಜಿಲ್ಲಾ ಪಂಚಾಯತ ಬೆಳಗಾವಿ
ಕಾರ್ಯನಿರ್ವಾಹಕ ಅಭಿಯಂತರರ ಕಾರ್ಯಾಲಯ,
ಪಂಚಾಯತ ರಾಜ್ ಇಂಜನೀಯರಿಂಗ ವಿಭಾಗ ಚಿಕ್ಕೋಡಿ
Email: prcedee@gmail.com	ದೂರವಾಣಿ: 08338-272131
(ಕೆಪಿಪಿಪಿ ಅಲ್ಪಾವಧಿ ಟೆಂಡರ ಪ್ರಕಟಣೆ)
ಈ ಕಾಮಗಾರಿಗೆ ಸಂಬಂಧಿಸಿದಂತೆ ಅರ್ಹ ಗುತ್ತಿಗೆದಾರರಿಂದ ಇ-ಪ್ರೊಕ್ಯೂರ್‌ಮೆಂಟ್ ಮೂಲಕ ಟೆಂಡರ್ ಆಹ್ವಾನಿಸಲಾಗಿದೆ. ಟೆಂಡರ್ ದಾಖಲೆಗಳನ್ನು ವೆಬ್‌ಸೈಟ್‌ನಿಂದ ಡೌನ್‌ಲೋಡ್ ಮಾಡಿಕೊಳ್ಳಬಹುದು. ಹೆಚ್ಚಿನ ವಿವರಗಳಿಗಾಗಿ ಕಚೇರಿ ವೇಳೆಯಲ್ಲಿ ಸಂಪರ್ಕಿಸಬಹುದಾಗಿದೆ. ಈ ಕಾಮಗಾರಿಗೆ ಸಂಬಂಧಿಸಿದಂತೆ ಅರ್ಹ ಗುತ್ತಿಗೆದಾರರಿಂದ ಇ-ಪ್ರೊಕ್ಯೂರ್‌ಮೆಂಟ್ ಮೂಲಕ ಟೆಂಡರ್ ಆಹ್ವಾನಿಸಲಾಗಿದೆ. ಟೆಂಡರ್ ದಾಖಲೆಗಳನ್ನು ವೆಬ್‌ಸೈಟ್‌ನಿಂದ ಡೌನ್‌ಲೋಡ್ ಮಾಡಿಕೊಳ್ಳಬಹುದು. ಹೆಚ್ಚಿನ ವಿವರಗಳಿಗಾಗಿ ಕಚೇರಿ ವೇಳೆಯಲ್ಲಿ ಸಂಪರ್ಕಿಸಬಹುದಾಗಿದೆ. ಈ ಕಾಮಗಾರಿಗೆ ಸಂಬಂಧಿಸಿದಂತೆ ಅರ್ಹ ಗುತ್ತಿಗೆದಾರರಿಂದ ಇ-ಪ್ರೊಕ್ಯೂರ್‌ಮೆಂಟ್ ಮೂಲಕ ಟೆಂಡರ್ ಆಹ್ವಾನಿಸಲಾಗಿದೆ. ಟೆಂಡರ್ ದಾಖಲೆಗಳನ್ನು ವೆಬ್‌ಸೈಟ್‌ನಿಂದ ಡೌನ್‌ಲೋಡ್ ಮಾಡಿಕೊಳ್ಳಬಹುದು. ಹೆಚ್ಚಿನ ವಿವರಗಳಿಗಾಗಿ ಕಚೇರಿ ವೇಳೆಯಲ್ಲಿ ಸಂಪರ್ಕಿಸಬಹುದಾಗಿದೆ.
1)Last date of request for issue of blank E-bid document through e-Procurement Date: Other works:10-03-2026 To 25-03-2026, 2)Bid Closing & submission Date: 25-03-2026 AT 04.00 PM, 3)Financial Bid Opening Date:27-03-2026 AT 11:00 AM, 4)Pre Bid Meeting Date: [KW-3 & 4 Works Only]:24-03-2026 AT 05:00 PM, 5)Technical Bid Opening Date: [KW-3 & 4 Works Only]:27-03-2026 AT 11:00 AM, 6)Financial Bid Opening Date: [KW-3 & 4 Works Only]:30-03-2026 AT 11:00 AM.
General Works Indent No's:25338, 25329, 25335, 25337, 24382, 11869, 24610, 24412, 25136, 25105, 23616, 23613, SC Works Indent No's:23231, 11870, ST Works Indent No's: 15005, 24107, 25334, Category 1 Works Indent No's:25332, Category 2A Works Indent No's:25328, 11871, 25594.
ಸಹಿ/- ಕಾರ್ಯನಿರ್ವಾಹಕ ಅಭಿಯಂತರರು, ಪಂ.ರಾ.ಇಂ.ವಿಭಾಗ, ಚಿಕ್ಕೋಡಿ
DIPR/BGM/KSMCA/3094/25-26
ಕರ್ನಾಟಕ ನೀರಾವರಿ ನಿಗಮ ನಿಯಮಿತ
(ಕರ್ನಾಟಕ ಸರ್ಕಾರದ ಉದ್ಯಮ)
ಕಾರ್ಯನಿರ್ವಾಹಕ ಅಭಿಯಂತರರ ಕಛೇರಿ, ನಂ-1, ಮಲಪ್ರಭಾ ಯೋಜನೆ, ವಿಭಾಗ
Ph No: 08371 - 295070
E-mail ID: eeis1tmdg@gmail.com
ಟೆಂಡರ್ ಪ್ರಕಟಣೆ
(ONLY THROUGH "KPP-Procurement" SYSTEM)
ಈ ಕಾಮಗಾರಿಗೆ ಸಂಬಂಧಿಸಿದಂತೆ ಅರ್ಹ ಗುತ್ತಿಗೆದಾರರಿಂದ ಇ-ಪ್ರೊಕ್ಯೂರ್‌ಮೆಂಟ್ ಮೂಲಕ ಟೆಂಡರ್ ಆಹ್ವಾನಿಸಲಾಗಿದೆ. ಟೆಂಡರ್ ದಾಖಲೆಗಳನ್ನು ವೆಬ್‌ಸೈಟ್‌ನಿಂದ ಡೌನ್‌ಲೋಡ್ ಮಾಡಿಕೊಳ್ಳಬಹುದು. ಹೆಚ್ಚಿನ ವಿವರಗಳಿಗಾಗಿ ಕಚೇರಿ ವೇಳೆಯಲ್ಲಿ ಸಂಪರ್ಕಿಸಬಹುದಾಗಿದೆ. ಈ ಕಾಮಗಾರಿಗೆ ಸಂಬಂಧಿಸಿದಂತೆ ಅರ್ಹ ಗುತ್ತಿಗೆದಾರರಿಂದ ಇ-ಪ್ರೊಕ್ಯೂರ್‌ಮೆಂಟ್ ಮೂಲಕ ಟೆಂಡರ್ ಆಹ್ವಾನಿಸಲಾಗಿದೆ. ಟೆಂಡರ್ ದಾಖಲೆಗಳನ್ನು ವೆಬ್‌ಸೈಟ್‌ನಿಂದ ಡೌನ್‌ಲೋಡ್ ಮಾಡಿಕೊಳ್ಳಬಹುದು. ಹೆಚ್ಚಿನ ವಿವರಗಳಿಗಾಗಿ ಕಚೇರಿ ವೇಳೆಯಲ್ಲಿ ಸಂಪರ್ಕಿಸಬಹುದಾಗಿದೆ. ಈ ಕಾಮಗಾರಿಗೆ ಸಂಬಂಧಿಸಿದಂತೆ ಅರ್ಹ ಗುತ್ತಿಗೆದಾರರಿಂದ ಇ-ಪ್ರೊಕ್ಯೂರ್‌ಮೆಂಟ್ ಮೂಲಕ ಟೆಂಡರ್ ಆಹ್ವಾನಿಸಲಾಗಿದೆ. ಟೆಂಡರ್ ದಾಖಲೆಗಳನ್ನು ವೆಬ್‌ಸೈಟ್‌ನಿಂದ ಡೌನ್‌ಲೋಡ್ ಮಾಡಿಕೊಳ್ಳಬಹುದು. ಹೆಚ್ಚಿನ ವಿವರಗಳಿಗಾಗಿ ಕಚೇರಿ ವೇಳೆಯಲ್ಲಿ ಸಂಪರ್ಕಿಸಬಹುದಾಗಿದೆ. ಈ ಕಾಮಗಾರಿಗೆ ಸಂಬಂಧಿಸಿದಂತೆ ಅರ್ಹ ಗುತ್ತಿಗೆದಾರರಿಂದ ಇ-ಪ್ರೊಕ್ಯೂರ್‌ಮೆಂಟ್ ಮೂಲಕ ಟೆಂಡರ್ ಆಹ್ವಾನಿಸಲಾಗಿದೆ. ಟೆಂಡರ್ ದಾಖಲೆಗಳನ್ನು ವೆಬ್‌ಸೈಟ್‌ನಿಂದ ಡೌನ್‌ಲೋಡ್ ಮಾಡಿಕೊಳ್ಳಬಹುದು. ಹೆಚ್ಚಿನ ವಿವರಗಳಿಗಾಗಿ ಕಚೇರಿ ವೇಳೆಯಲ್ಲಿ ಸಂಪರ್ಕಿಸಬಹುದಾಗಿದೆ. ಈ ಕಾಮಗಾರಿಗೆ ಸಂಬಂಧಿಸಿದಂತೆ ಅರ್ಹ ಗುತ್ತಿಗೆದಾರರಿಂದ ಇ-ಪ್ರೊಕ್ಯೂರ್‌ಮೆಂಟ್ ಮೂಲಕ ಟೆಂಡರ್ ಆಹ್ವಾನಿಸಲಾಗಿದೆ. ಟೆಂಡರ್ ದಾಖಲೆಗಳನ್ನು ವೆಬ್‌ಸೈಟ್‌ನಿಂದ ಡೌನ್‌ಲೋಡ್ ಮಾಡಿಕೊಳ್ಳಬಹುದು. ಹೆಚ್ಚಿನ ವಿವರಗಳಿಗಾಗಿ ಕಚೇರಿ ವೇಳೆಯಲ್ಲಿ ಸಂಪರ್ಕಿಸಬಹುದಾಗಿದೆ. ಈ ಕಾಮಗಾರಿಗೆ ಸಂಬಂಧಿಸಿದಂತೆ ಅರ್ಹ ಗುತ್ತಿಗೆದಾರರಿಂದ ಇ-ಪ್ರೊಕ್ಯೂರ್‌ಮೆಂಟ್ ಮೂಲಕ ಟೆಂಡರ್ ಆಹ್ವಾನಿಸಲಾಗಿದೆ. ಟೆಂಡರ್ ದಾಖಲೆಗಳನ್ನು ವೆಬ್‌ಸೈಟ್‌ನಿಂದ ಡೌನ್‌ಲೋಡ್ ಮಾಡಿಕೊಳ್ಳಬಹುದು. ಹೆಚ್ಚಿನ ವಿವರಗಳಿಗಾಗಿ ಕಚೇರಿ ವೇಳೆಯಲ್ಲಿ ಸಂಪರ್ಕಿಸಬಹುದಾಗಿದೆ. ಈ ಕಾಮಗಾರಿಗೆ ಸಂಬಂಧಿಸಿದಂತೆ ಅರ್ಹ ಗುತ್ತಿಗೆದಾರರಿಂದ ಇ-ಪ್ರೊಕ್ಯೂರ್‌ಮೆಂಟ್ ಮೂಲಕ ಟೆಂಡರ್ ಆಹ್ವಾನಿಸಲಾಗಿದೆ. ಟೆಂಡರ್ ದಾಖಲೆಗಳನ್ನು ವೆಬ್‌ಸೈಟ್‌ನಿಂದ ಡೌನ್‌ಲೋಡ್ ಮಾಡಿಕೊಳ್ಳಬಹುದು. ಹೆಚ್ಚಿನ ವಿವರಗಳಿಗಾಗಿ ಕಚೇರಿ ವೇಳೆಯಲ್ಲಿ ಸಂಪರ್ಕಿಸಬಹುದಾಗಿದೆ. ಈ ಕಾಮಗಾರಿಗೆ ಸಂಬಂಧಿಸಿದಂತೆ ಅರ್ಹ ಗುತ್ತಿಗೆದಾರರಿಂದ ಇ-ಪ್ರೊಕ್ಯೂರ್‌ಮೆಂಟ್ ಮೂಲಕ ಟೆಂಡರ್ ಆಹ್ವಾನಿಸಲಾಗಿದೆ. ಟೆಂಡರ್ ದಾಖಲೆಗಳನ್ನು ವೆಬ್‌ಸೈಟ್‌ನಿಂದ ಡೌನ್‌ಲೋಡ್ ಮಾಡಿಕೊಳ್ಳಬಹುದು. ಹೆಚ್ಚಿನ ವಿವರಗಳಿಗಾಗಿ ಕಚೇರಿ ವೇಳೆಯಲ್ಲಿ ಸಂಪರ್ಕಿಸಬಹುದಾಗಿದೆ. ಈ ಕಾಮಗಾರಿಗೆ ಸಂಬಂಧಿಸಿದಂತೆ ಅರ್ಹ ಗುತ್ತಿಗೆದಾರರಿಂದ ಇ-ಪ್ರೊಕ್ಯೂರ್‌ಮೆಂಟ್ ಮೂಲಕ ಟೆಂಡರ್ ಆಹ್ವಾನಿಸಲಾಗಿದೆ. ಟೆಂಡರ್ ದಾಖಲೆಗಳನ್ನು ವೆಬ್‌ಸೈಟ್‌ನಿಂದ ಡೌನ್‌ಲೋಡ್ ಮಾಡಿಕೊಳ್ಳಬಹುದು. ಹೆಚ್ಚಿನ ವಿವರಗಳಿಗಾಗಿ ಕಚೇರಿ ವೇಳೆಯಲ್ಲಿ ಸಂಪರ್ಕಿಸಬಹುದಾಗಿದೆ. ಈ ಕಾಮಗಾರಿಗೆ ಸಂಬಂಧಿಸಿದಂತೆ ಅರ್ಹ ಗುತ್ತಿಗೆದಾರರಿಂದ ಇ-ಪ್ರೊಕ್ಯೂರ್‌ಮೆಂಟ್ ಮೂಲಕ ಟೆಂಡರ್ ಆಹ್ವಾನಿಸಲಾಗಿದೆ. ಟೆಂಡರ್ ದಾಖಲೆಗಳನ್ನು ವೆಬ್‌ಸೈಟ್‌ನಿಂದ ಡೌನ್‌ಲೋಡ್ ಮಾಡಿಕೊಳ್ಳಬಹುದು. ಹೆಚ್ಚಿನ ವಿವರಗಳಿಗಾಗಿ ಕಚೇರಿ ವೇಳೆಯಲ್ಲಿ ಸಂಪರ್ಕಿಸಬಹುದಾಗಿದೆ. ಈ ಕಾಮಗಾರಿಗೆ ಸಂಬಂಧಿಸಿದಂತೆ ಅರ್ಹ ಗುತ್ತಿಗೆದಾರರಿಂದ ಇ-ಪ್ರೊಕ್ಯೂರ್‌ಮೆಂಟ್ ಮೂಲಕ ಟೆಂಡರ್ ಆಹ್ವಾನಿಸಲಾಗಿದೆ. ಟೆಂಡರ್ ದಾಖಲೆಗಳನ್ನು ವೆಬ್‌ಸೈಟ್‌ನಿಂದ ಡೌನ್‌ಲೋಡ್ ಮಾಡಿಕೊಳ್ಳಬಹುದು. ಹೆಚ್ಚಿನ ವಿವರಗಳಿಗಾಗಿ ಕಚೇರಿ ವೇಳೆಯಲ್ಲಿ ಸಂಪರ್ಕಿಸಬಹುದಾಗಿದೆ. ಈ ಕಾಮಗಾರಿಗೆ ಸಂಬಂಧಿಸಿದಂತೆ ಅರ್ಹ ಗುತ್ತಿಗೆದಾರರಿಂದ ಇ-ಪ್ರೊಕ್ಯೂರ್‌ಮೆಂಟ್ ಮೂಲಕ ಟೆಂಡರ್ ಆಹ್ವಾನಿಸಲಾಗಿದೆ. ಟೆಂಡರ್ ದಾಖಲೆಗಳನ್ನು ವೆಬ್‌ಸೈಟ್‌ನಿಂದ ಡೌನ್‌ಲೋಡ್ ಮಾಡಿಕೊಳ್ಳಬಹುದು. ಹೆಚ್ಚಿನ ವಿವರಗಳಿಗಾಗಿ ಕಚೇರಿ ವೇಳೆಯಲ್ಲಿ ಸಂಪರ್ಕಿಸಬಹುದಾಗಿದೆ.
Work Indent No.4202
KPP-Procurement Helpdesk Phone No's: 080-46010000, 080-68948777, 09240014400 & 09240014001
ಸಹಿ/- ಕಾರ್ಯನಿರ್ವಾಹಕ ಅಭಿಯಂತರರು
DIPR/HBL/KSMCA/1139/25-26
